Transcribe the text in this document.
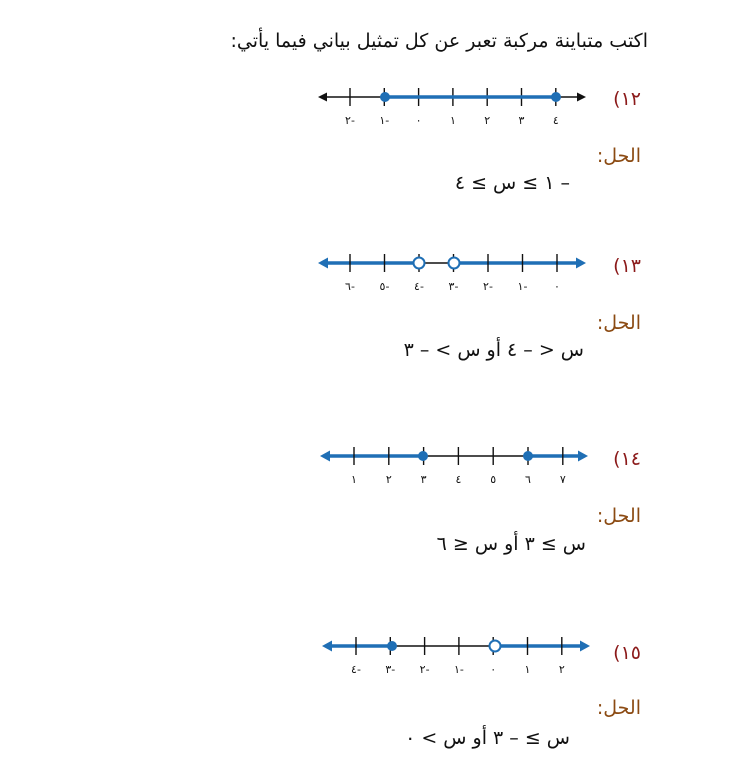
اكتب متباينة مركبة تعبر عن كل تمثيل بياني فيما يأتي:
١٢)
٢- ١- ٠	١	٢	٣	٤
الحل:
– ١ ≥ س ≥ ٤
١٣)
٦- ٥- ٤- ٣- ٢- ١- ٠
الحل:
س < – ٤ أو س > – ٣
١٤)
١	٢	٣	٤	٥	٦	٧
الحل:
س ≥ ٣ أو س ≤ ٦
١٥)
٤- ٣- ٢- ١- ٠	١	٢
الحل:
س ≥ – ٣ أو س > ٠
